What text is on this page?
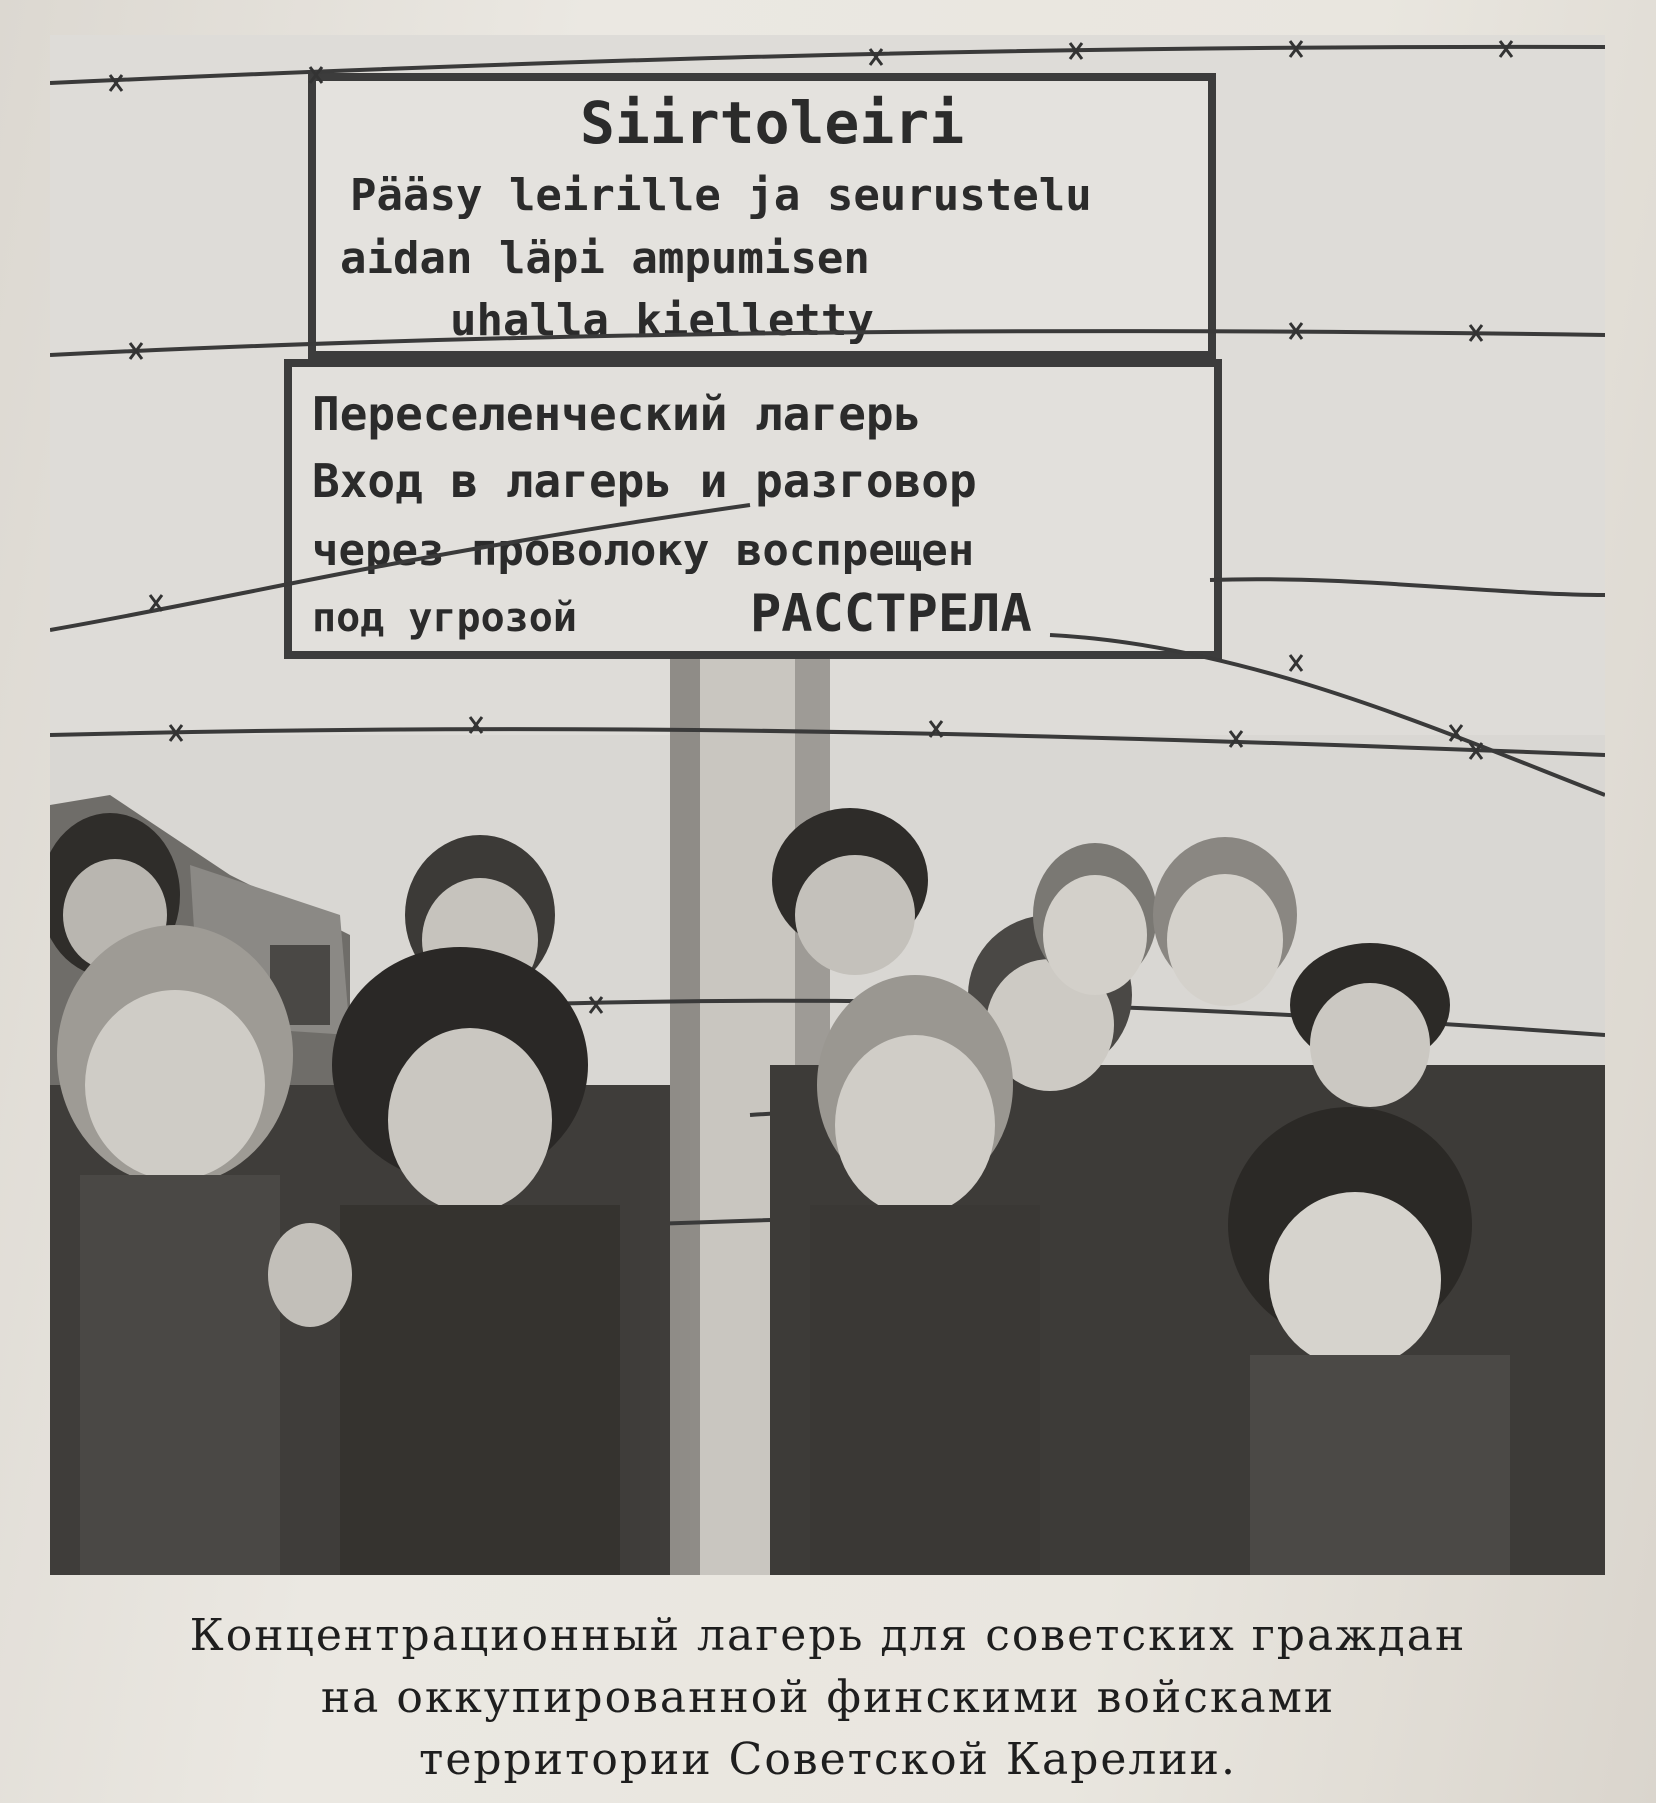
Siirtoleiri
Pääsy leirille ja seurustelu
aidan läpi ampumisen
uhalla kielletty
Переселенческий лагерь
Вход в лагерь и разговор
через проволоку воспрещен
под угрозой	РАССТРЕЛА
Концентрационный лагерь для советских граждан
на оккупированной финскими войсками
территории Советской Карелии.
